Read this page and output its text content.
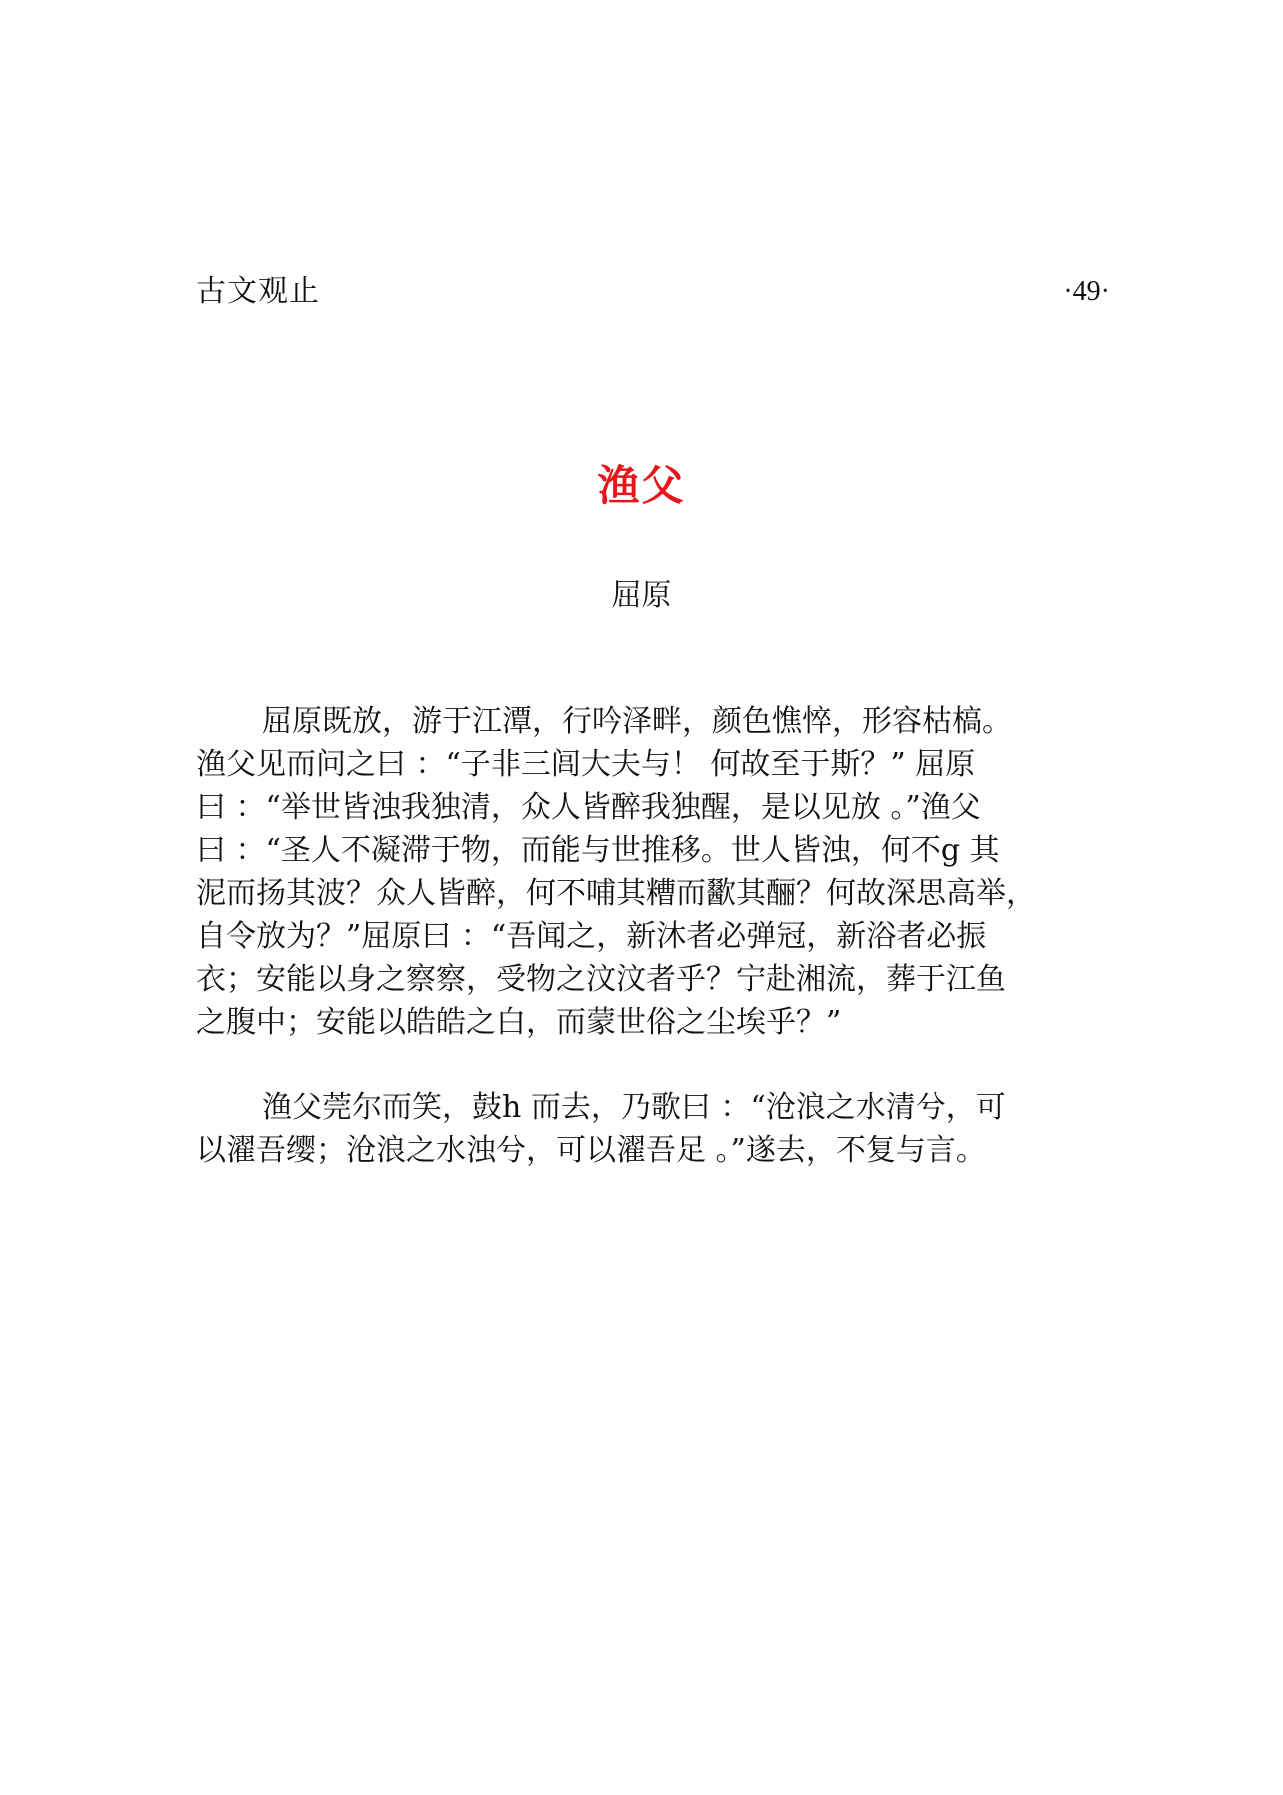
古文观止	·49·
渔父
屈原
屈原既放，游于江潭，行吟泽畔，颜色憔悴，形容枯槁。
渔父见而问之曰 ：“子非三闾大夫与！ 何故至于斯？” 屈原
曰 ：“举世皆浊我独清，众人皆醉我独醒，是以见放 。”渔父
曰 ：“圣人不凝滞于物，而能与世推移。世人皆浊，何不g 其
泥而扬其波？众人皆醉，何不哺其糟而歠其酾？何故深思高举，
自令放为？”屈原曰 ：“吾闻之，新沐者必弹冠，新浴者必振
衣；安能以身之察察，受物之汶汶者乎？宁赴湘流，葬于江鱼
之腹中；安能以皓皓之白，而蒙世俗之尘埃乎？”
渔父莞尔而笑，鼓h 而去，乃歌曰 ：“沧浪之水清兮，可
以濯吾缨；沧浪之水浊兮，可以濯吾足 。”遂去，不复与言。
